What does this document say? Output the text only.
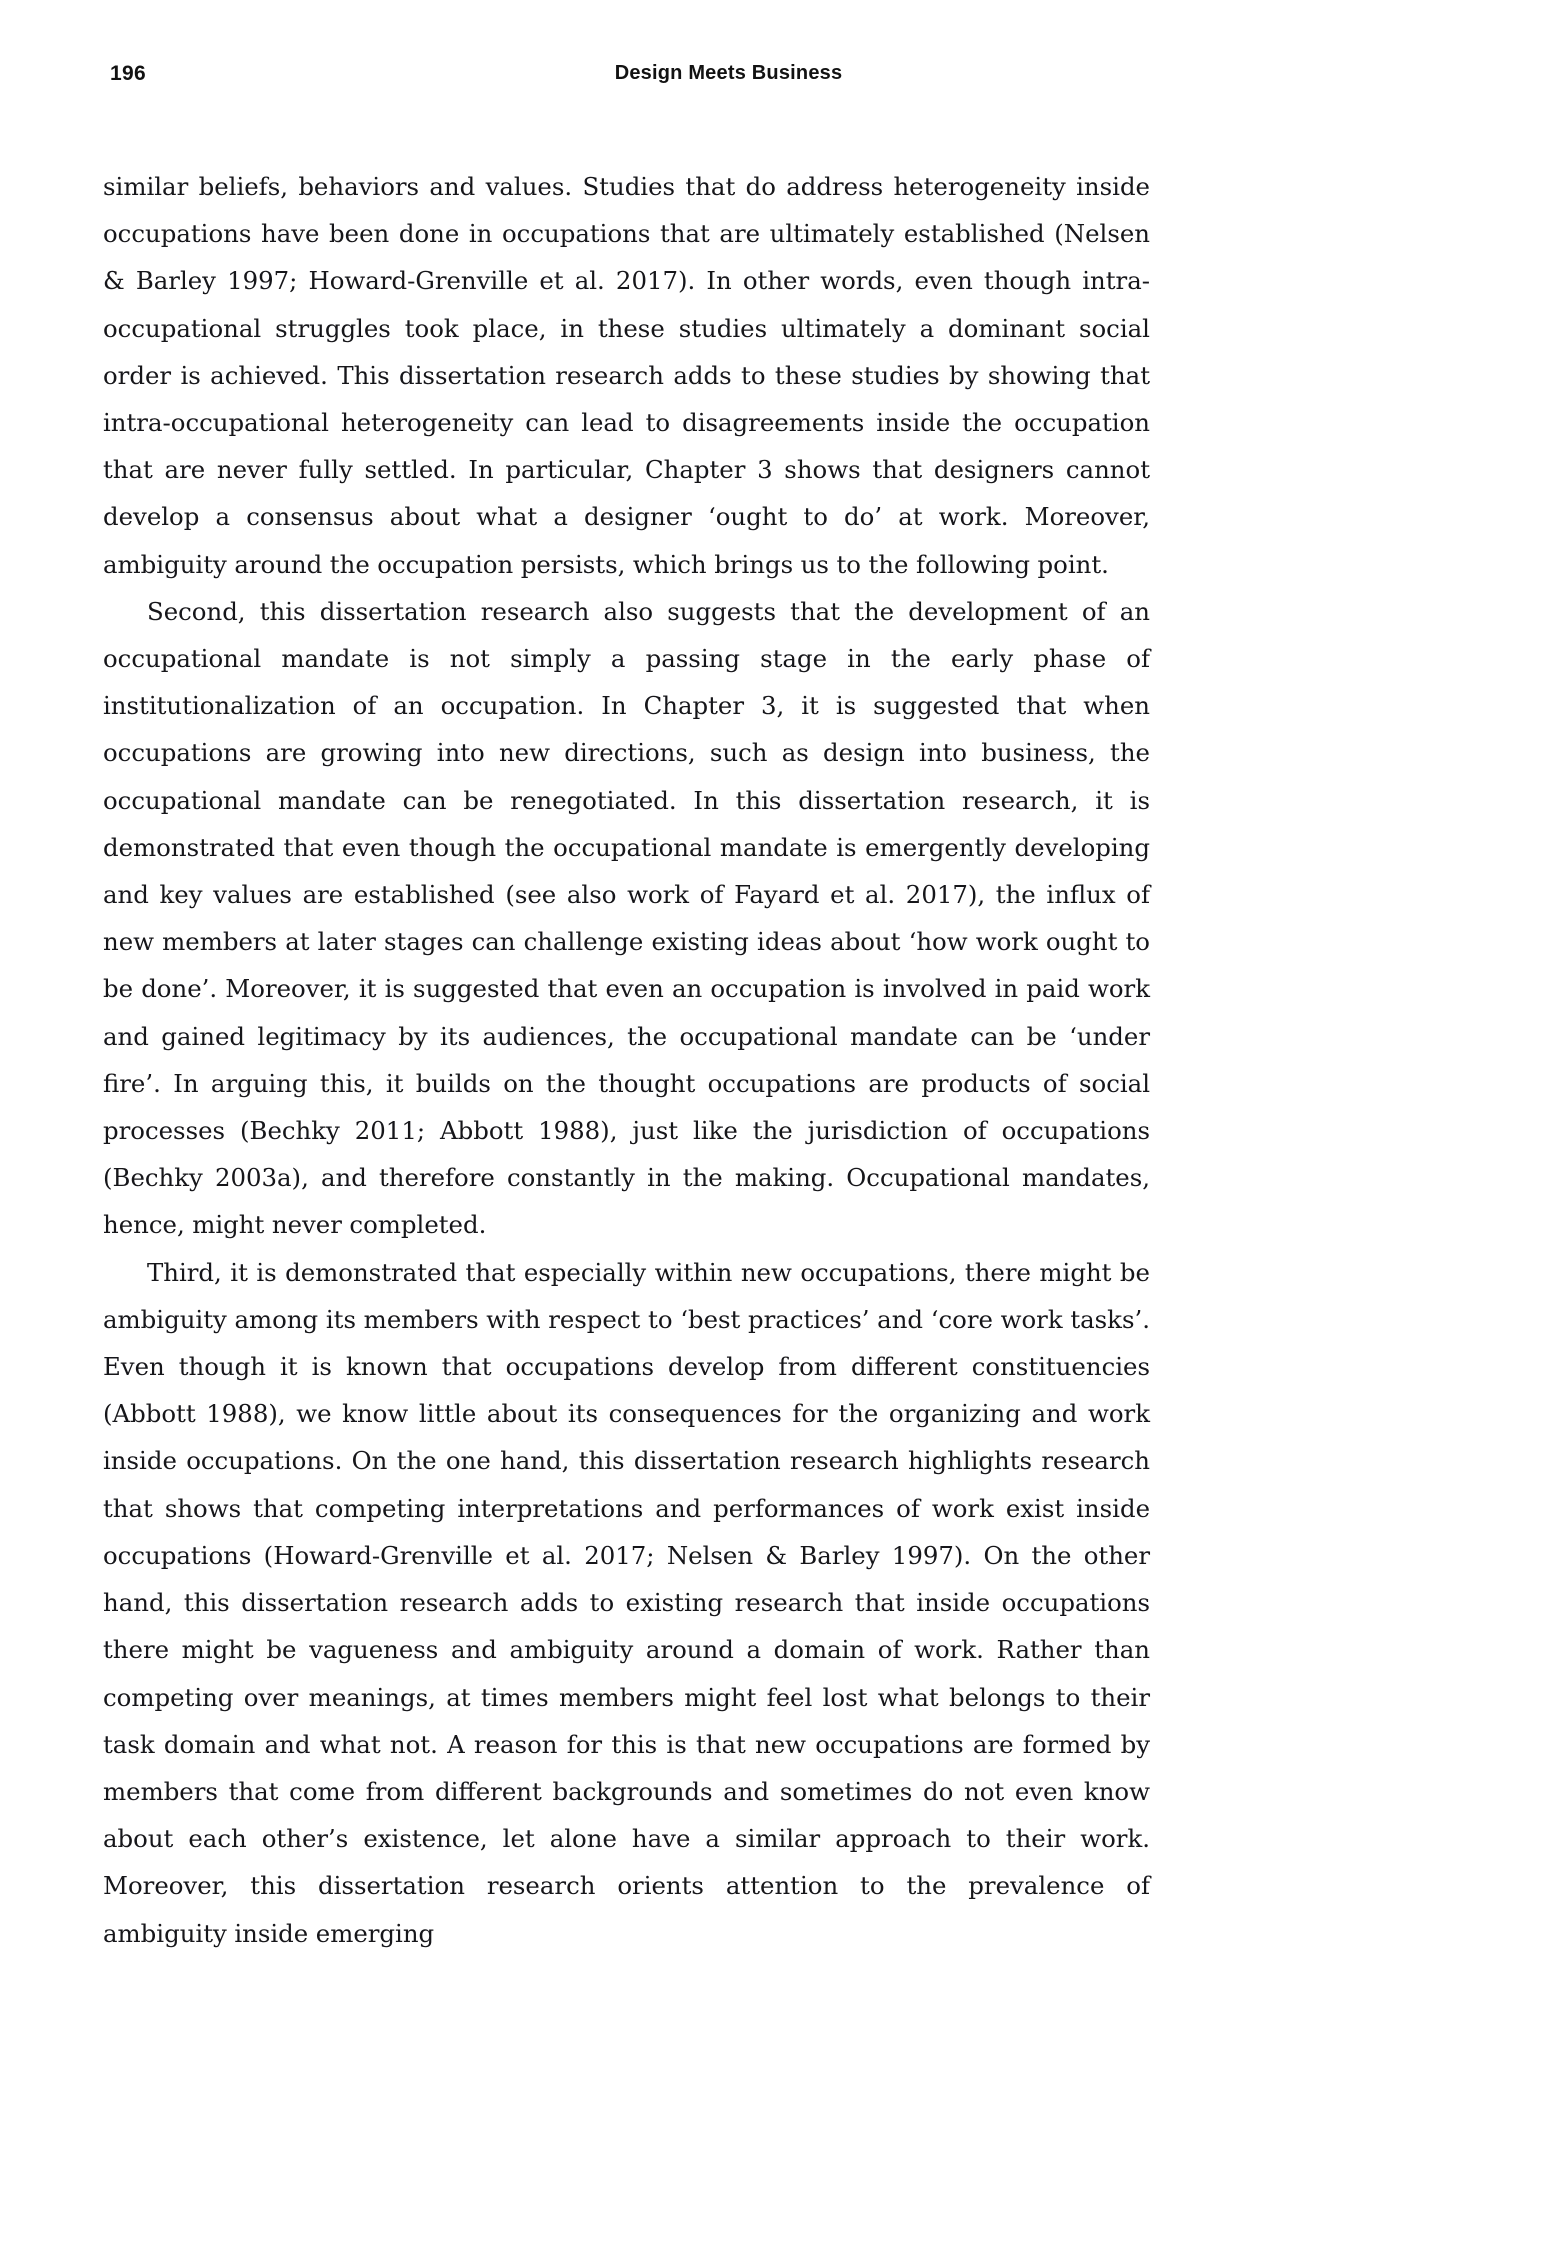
196	Design Meets Business

similar beliefs, behaviors and values. Studies that do address heterogeneity inside occupations have been done in occupations that are ultimately established (Nelsen & Barley 1997; Howard-Grenville et al. 2017). In other words, even though intra-occupational struggles took place, in these studies ultimately a dominant social order is achieved. This dissertation research adds to these studies by showing that intra-occupational heterogeneity can lead to disagreements inside the occupation that are never fully settled. In particular, Chapter 3 shows that designers cannot develop a consensus about what a designer ‘ought to do’ at work. Moreover, ambiguity around the occupation persists, which brings us to the following point.

Second, this dissertation research also suggests that the development of an occupational mandate is not simply a passing stage in the early phase of institutionalization of an occupation. In Chapter 3, it is suggested that when occupations are growing into new directions, such as design into business, the occupational mandate can be renegotiated. In this dissertation research, it is demonstrated that even though the occupational mandate is emergently developing and key values are established (see also work of Fayard et al. 2017), the influx of new members at later stages can challenge existing ideas about ‘how work ought to be done’. Moreover, it is suggested that even an occupation is involved in paid work and gained legitimacy by its audiences, the occupational mandate can be ‘under fire’. In arguing this, it builds on the thought occupations are products of social processes (Bechky 2011; Abbott 1988), just like the jurisdiction of occupations (Bechky 2003a), and therefore constantly in the making. Occupational mandates, hence, might never completed.

Third, it is demonstrated that especially within new occupations, there might be ambiguity among its members with respect to ‘best practices’ and ‘core work tasks’. Even though it is known that occupations develop from different constituencies (Abbott 1988), we know little about its consequences for the organizing and work inside occupations. On the one hand, this dissertation research highlights research that shows that competing interpretations and performances of work exist inside occupations (Howard-Grenville et al. 2017; Nelsen & Barley 1997). On the other hand, this dissertation research adds to existing research that inside occupations there might be vagueness and ambiguity around a domain of work. Rather than competing over meanings, at times members might feel lost what belongs to their task domain and what not. A reason for this is that new occupations are formed by members that come from different backgrounds and sometimes do not even know about each other’s existence, let alone have a similar approach to their work. Moreover, this dissertation research orients attention to the prevalence of ambiguity inside emerging
